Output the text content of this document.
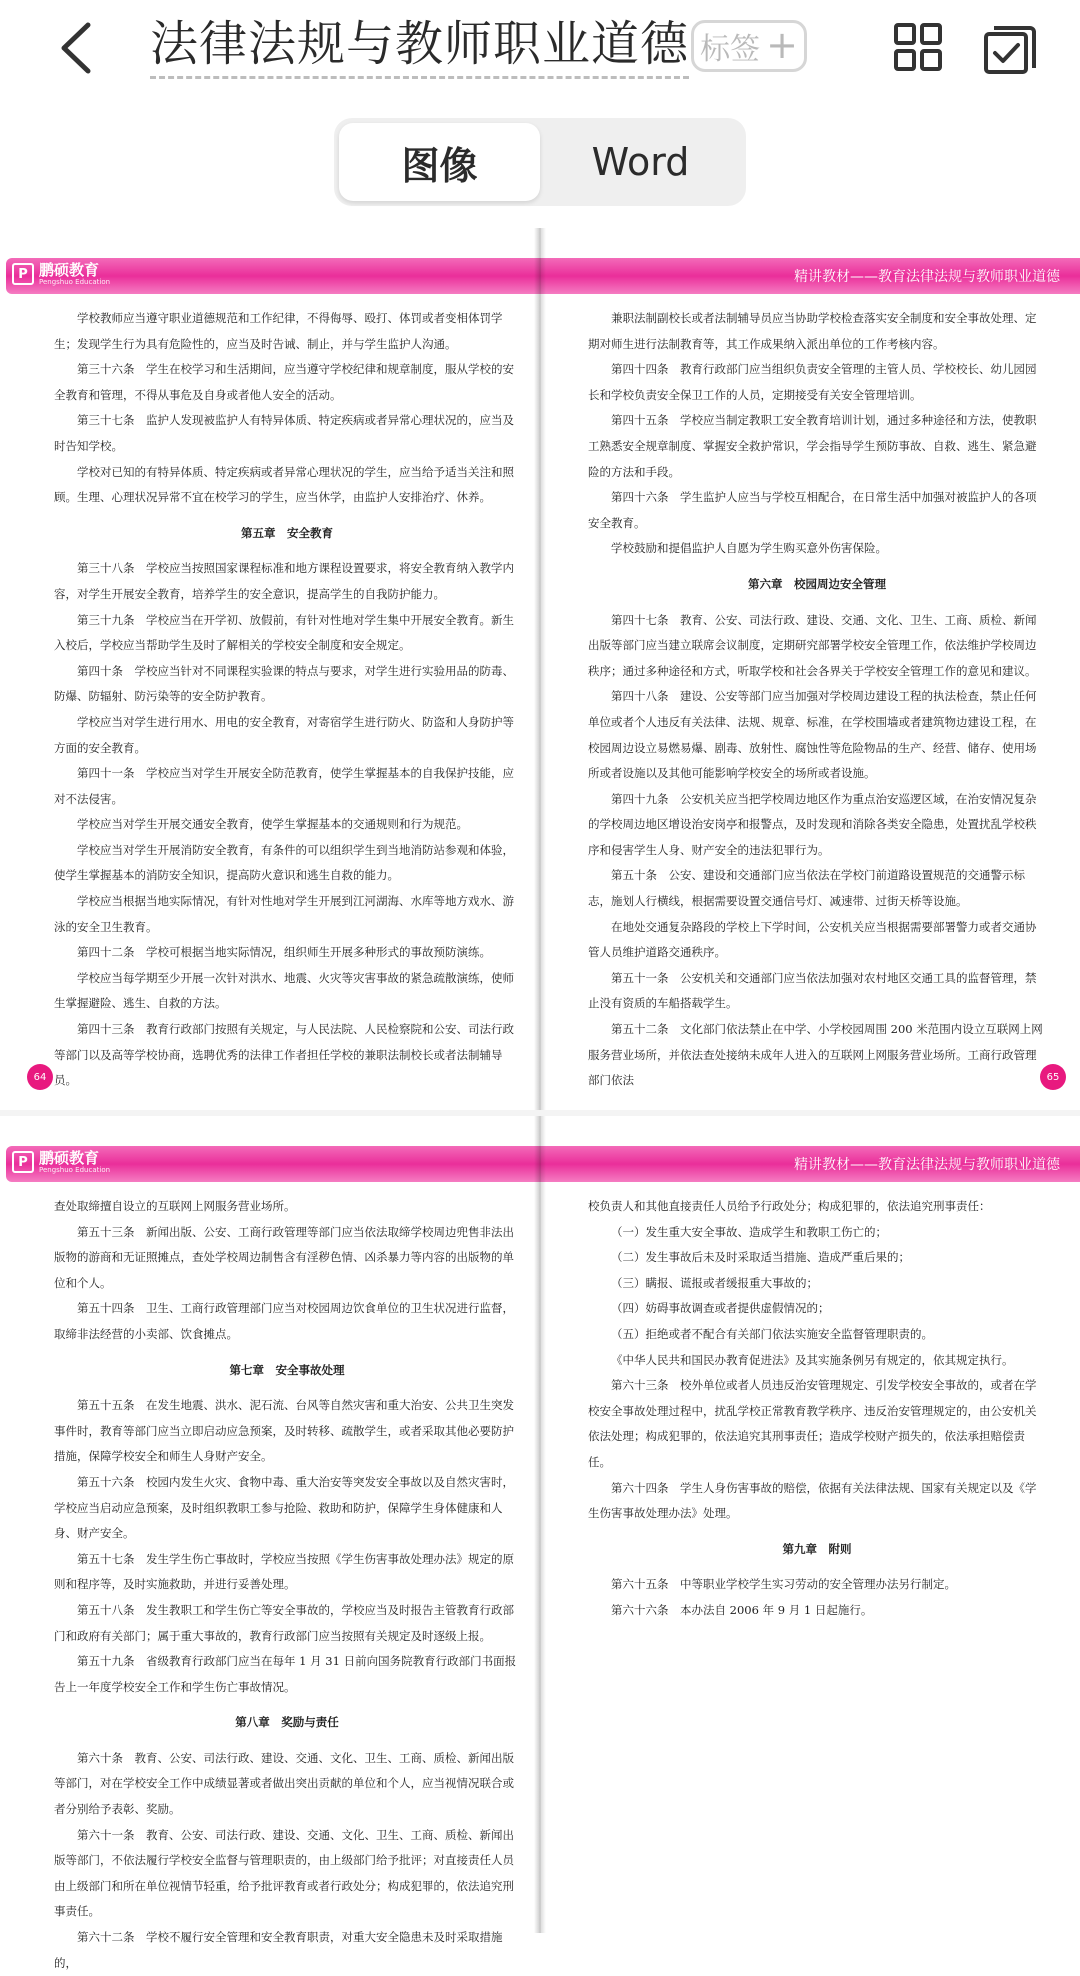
法律法规与教师职业道德 标签 +
图像	Word
P 鹏硕教育
Pengshuo Education
学校教师应当遵守职业道德规范和工作纪律，不得侮辱、殴打、体罚或者变相体罚学生；发现学生行为具有危险性的，应当及时告诫、制止，并与学生监护人沟通。
第三十六条　学生在校学习和生活期间，应当遵守学校纪律和规章制度，服从学校的安全教育和管理，不得从事危及自身或者他人安全的活动。
第三十七条　监护人发现被监护人有特异体质、特定疾病或者异常心理状况的，应当及时告知学校。
学校对已知的有特异体质、特定疾病或者异常心理状况的学生，应当给予适当关注和照顾。生理、心理状况异常不宜在校学习的学生，应当休学，由监护人安排治疗、休养。
第五章　安全教育
第三十八条　学校应当按照国家课程标准和地方课程设置要求，将安全教育纳入教学内容，对学生开展安全教育，培养学生的安全意识，提高学生的自我防护能力。
第三十九条　学校应当在开学初、放假前，有针对性地对学生集中开展安全教育。新生入校后，学校应当帮助学生及时了解相关的学校安全制度和安全规定。
第四十条　学校应当针对不同课程实验课的特点与要求，对学生进行实验用品的防毒、防爆、防辐射、防污染等的安全防护教育。
学校应当对学生进行用水、用电的安全教育，对寄宿学生进行防火、防盗和人身防护等方面的安全教育。
第四十一条　学校应当对学生开展安全防范教育，使学生掌握基本的自我保护技能，应对不法侵害。
学校应当对学生开展交通安全教育，使学生掌握基本的交通规则和行为规范。
学校应当对学生开展消防安全教育，有条件的可以组织学生到当地消防站参观和体验，使学生掌握基本的消防安全知识，提高防火意识和逃生自救的能力。
学校应当根据当地实际情况，有针对性地对学生开展到江河湖海、水库等地方戏水、游泳的安全卫生教育。
第四十二条　学校可根据当地实际情况，组织师生开展多种形式的事故预防演练。
学校应当每学期至少开展一次针对洪水、地震、火灾等灾害事故的紧急疏散演练，使师生掌握避险、逃生、自救的方法。
第四十三条　教育行政部门按照有关规定，与人民法院、人民检察院和公安、司法行政等部门以及高等学校协商，选聘优秀的法律工作者担任学校的兼职法制校长或者法制辅导员。
64
精讲教材——教育法律法规与教师职业道德
兼职法制副校长或者法制辅导员应当协助学校检查落实安全制度和安全事故处理、定期对师生进行法制教育等，其工作成果纳入派出单位的工作考核内容。
第四十四条　教育行政部门应当组织负责安全管理的主管人员、学校校长、幼儿园园长和学校负责安全保卫工作的人员，定期接受有关安全管理培训。
第四十五条　学校应当制定教职工安全教育培训计划，通过多种途径和方法，使教职工熟悉安全规章制度、掌握安全救护常识，学会指导学生预防事故、自救、逃生、紧急避险的方法和手段。
第四十六条　学生监护人应当与学校互相配合，在日常生活中加强对被监护人的各项安全教育。
学校鼓励和提倡监护人自愿为学生购买意外伤害保险。
第六章　校园周边安全管理
第四十七条　教育、公安、司法行政、建设、交通、文化、卫生、工商、质检、新闻出版等部门应当建立联席会议制度，定期研究部署学校安全管理工作，依法维护学校周边秩序；通过多种途径和方式，听取学校和社会各界关于学校安全管理工作的意见和建议。
第四十八条　建设、公安等部门应当加强对学校周边建设工程的执法检查，禁止任何单位或者个人违反有关法律、法规、规章、标准，在学校围墙或者建筑物边建设工程，在校园周边设立易燃易爆、剧毒、放射性、腐蚀性等危险物品的生产、经营、储存、使用场所或者设施以及其他可能影响学校安全的场所或者设施。
第四十九条　公安机关应当把学校周边地区作为重点治安巡逻区域，在治安情况复杂的学校周边地区增设治安岗亭和报警点，及时发现和消除各类安全隐患，处置扰乱学校秩序和侵害学生人身、财产安全的违法犯罪行为。
第五十条　公安、建设和交通部门应当依法在学校门前道路设置规范的交通警示标志，施划人行横线，根据需要设置交通信号灯、减速带、过街天桥等设施。
在地处交通复杂路段的学校上下学时间，公安机关应当根据需要部署警力或者交通协管人员维护道路交通秩序。
第五十一条　公安机关和交通部门应当依法加强对农村地区交通工具的监督管理，禁止没有资质的车船搭载学生。
第五十二条　文化部门依法禁止在中学、小学校园周围 200 米范围内设立互联网上网服务营业场所，并依法查处接纳未成年人进入的互联网上网服务营业场所。工商行政管理部门依法	65
P 鹏硕教育
Pengshuo Education
查处取缔擅自设立的互联网上网服务营业场所。
第五十三条　新闻出版、公安、工商行政管理等部门应当依法取缔学校周边兜售非法出版物的游商和无证照摊点，查处学校周边制售含有淫秽色情、凶杀暴力等内容的出版物的单位和个人。
第五十四条　卫生、工商行政管理部门应当对校园周边饮食单位的卫生状况进行监督，取缔非法经营的小卖部、饮食摊点。
第七章　安全事故处理
第五十五条　在发生地震、洪水、泥石流、台风等自然灾害和重大治安、公共卫生突发事件时，教育等部门应当立即启动应急预案，及时转移、疏散学生，或者采取其他必要防护措施，保障学校安全和师生人身财产安全。
第五十六条　校园内发生火灾、食物中毒、重大治安等突发安全事故以及自然灾害时，学校应当启动应急预案，及时组织教职工参与抢险、救助和防护，保障学生身体健康和人身、财产安全。
第五十七条　发生学生伤亡事故时，学校应当按照《学生伤害事故处理办法》规定的原则和程序等，及时实施救助，并进行妥善处理。
第五十八条　发生教职工和学生伤亡等安全事故的，学校应当及时报告主管教育行政部门和政府有关部门；属于重大事故的，教育行政部门应当按照有关规定及时逐级上报。
第五十九条　省级教育行政部门应当在每年 1 月 31 日前向国务院教育行政部门书面报告上一年度学校安全工作和学生伤亡事故情况。
第八章　奖励与责任
第六十条　教育、公安、司法行政、建设、交通、文化、卫生、工商、质检、新闻出版等部门，对在学校安全工作中成绩显著或者做出突出贡献的单位和个人，应当视情况联合或者分别给予表彰、奖励。
第六十一条　教育、公安、司法行政、建设、交通、文化、卫生、工商、质检、新闻出版等部门，不依法履行学校安全监督与管理职责的，由上级部门给予批评；对直接责任人员由上级部门和所在单位视情节轻重，给予批评教育或者行政处分；构成犯罪的，依法追究刑事责任。
第六十二条　学校不履行安全管理和安全教育职责，对重大安全隐患未及时采取措施的，
精讲教材——教育法律法规与教师职业道德
校负责人和其他直接责任人员给予行政处分；构成犯罪的，依法追究刑事责任：
（一）发生重大安全事故、造成学生和教职工伤亡的；
（二）发生事故后未及时采取适当措施、造成严重后果的；
（三）瞒报、谎报或者缓报重大事故的；
（四）妨碍事故调查或者提供虚假情况的；
（五）拒绝或者不配合有关部门依法实施安全监督管理职责的。
《中华人民共和国民办教育促进法》及其实施条例另有规定的，依其规定执行。
第六十三条　校外单位或者人员违反治安管理规定、引发学校安全事故的，或者在学校安全事故处理过程中，扰乱学校正常教育教学秩序、违反治安管理规定的，由公安机关依法处理；构成犯罪的，依法追究其刑事责任；造成学校财产损失的，依法承担赔偿责任。
第六十四条　学生人身伤害事故的赔偿，依据有关法律法规、国家有关规定以及《学生伤害事故处理办法》处理。
第九章　附则
第六十五条　中等职业学校学生实习劳动的安全管理办法另行制定。
第六十六条　本办法自 2006 年 9 月 1 日起施行。
